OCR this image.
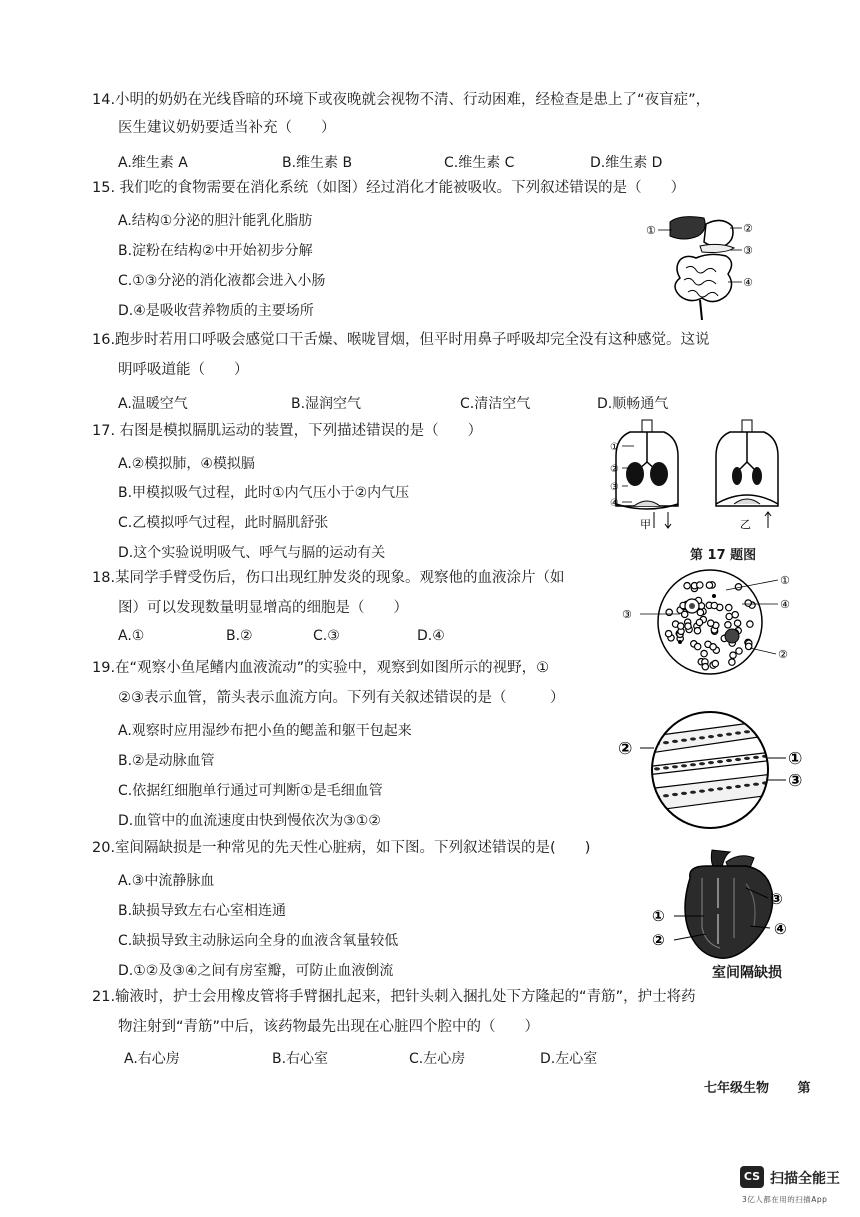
14.小明的奶奶在光线昏暗的环境下或夜晚就会视物不清、行动困难，经检查是患上了“夜盲症”，
医生建议奶奶要适当补充（　　）
A.维生素 A	B.维生素 B	C.维生素 C	D.维生素 D
15. 我们吃的食物需要在消化系统（如图）经过消化才能被吸收。下列叙述错误的是（　　）
A.结构①分泌的胆汁能乳化脂肪
B.淀粉在结构②中开始初步分解
C.①③分泌的消化液都会进入小肠
D.④是吸收营养物质的主要场所
①	②
③
④
16.跑步时若用口呼吸会感觉口干舌燥、喉咙冒烟，但平时用鼻子呼吸却完全没有这种感觉。这说
明呼吸道能（　　）
A.温暖空气	B.湿润空气	C.清洁空气	D.顺畅通气
17. 右图是模拟膈肌运动的装置，下列描述错误的是（　　）
A.②模拟肺，④模拟膈
B.甲模拟吸气过程，此时①内气压小于②内气压
C.乙模拟呼气过程，此时膈肌舒张
D.这个实验说明吸气、呼气与膈的运动有关
①
②
③
④
甲	乙
第 17 题图
18.某同学手臂受伤后，伤口出现红肿发炎的现象。观察他的血液涂片（如
图）可以发现数量明显增高的细胞是（　　）
A.①	B.②	C.③	D.④
①
④
③
②
19.在“观察小鱼尾鳍内血液流动”的实验中，观察到如图所示的视野，①
②③表示血管，箭头表示血流方向。下列有关叙述错误的是（　　　）
A.观察时应用湿纱布把小鱼的鳃盖和躯干包起来
B.②是动脉血管
C.依据红细胞单行通过可判断①是毛细血管
D.血管中的血流速度由快到慢依次为③①②
②	①
③
20.室间隔缺损是一种常见的先天性心脏病，如下图。下列叙述错误的是(　　)
A.③中流静脉血
B.缺损导致左右心室相连通
C.缺损导致主动脉运向全身的血液含氧量较低
D.①②及③④之间有房室瓣，可防止血液倒流
①
②
③
④
室间隔缺损
21.输液时，护士会用橡皮管将手臂捆扎起来，把针头刺入捆扎处下方隆起的“青筋”，护士将药
物注射到“青筋”中后，该药物最先出现在心脏四个腔中的（　　）
A.右心房	B.右心室	C.左心房	D.左心室
七年级生物 第
CS 扫描全能王
3亿人都在用的扫描App
